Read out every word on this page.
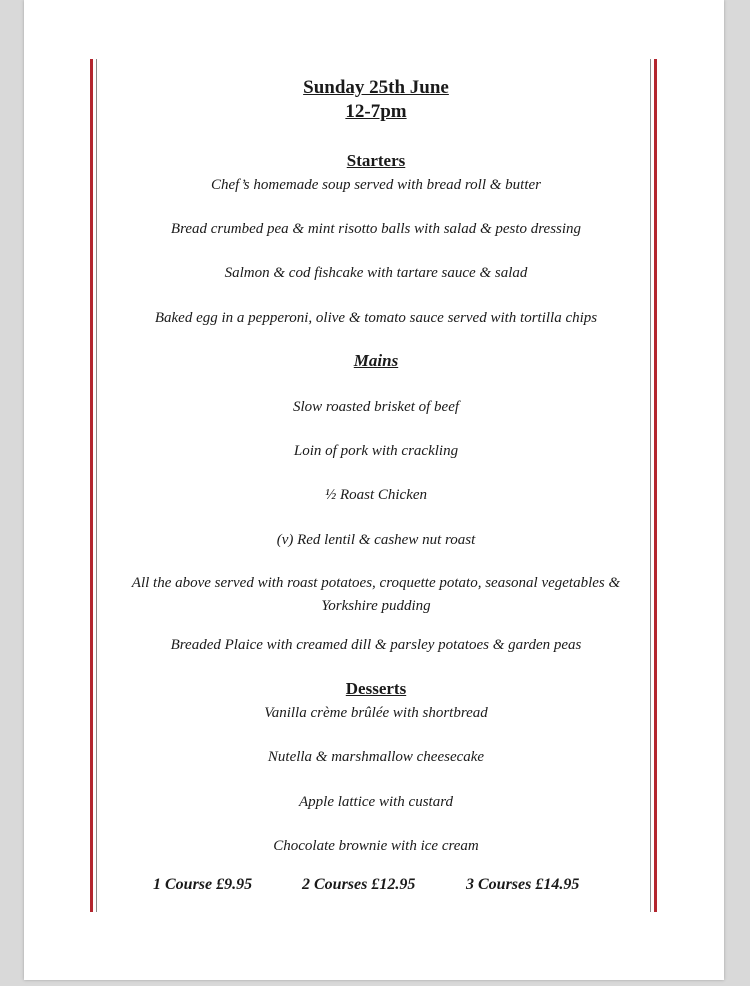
Sunday 25th June
12-7pm
Starters
Chef’s homemade soup served with bread roll & butter
Bread crumbed pea & mint risotto balls with salad & pesto dressing
Salmon & cod fishcake with tartare sauce & salad
Baked egg in a pepperoni, olive & tomato sauce served with tortilla chips
Mains
Slow roasted brisket of beef
Loin of pork with crackling
½ Roast Chicken
(v) Red lentil & cashew nut roast
All the above served with roast potatoes, croquette potato, seasonal vegetables & Yorkshire pudding
Breaded Plaice with creamed dill & parsley potatoes & garden peas
Desserts
Vanilla crème brûlée with shortbread
Nutella & marshmallow cheesecake
Apple lattice with custard
Chocolate brownie with ice cream
1 Course £9.95	2 Courses £12.95	3 Courses £14.95
